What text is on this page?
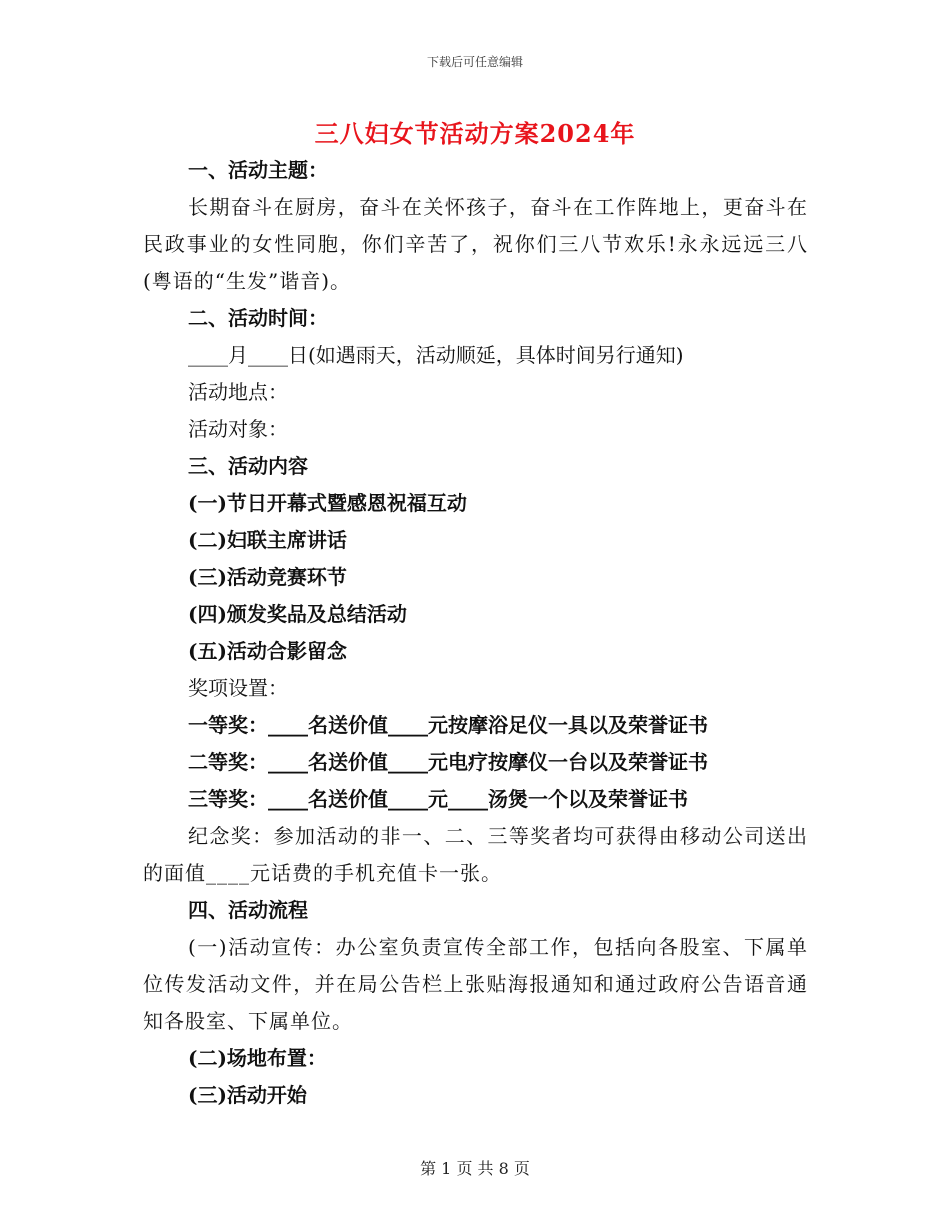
下载后可任意编辑
三八妇女节活动方案2024年

一、活动主题：

长期奋斗在厨房，奋斗在关怀孩子，奋斗在工作阵地上，更奋斗在民政事业的女性同胞，你们辛苦了，祝你们三八节欢乐!永永远远三八(粤语的“生发”谐音)。

二、活动时间：

____月____日(如遇雨天，活动顺延，具体时间另行通知)

活动地点：

活动对象：

三、活动内容

(一)节日开幕式暨感恩祝福互动

(二)妇联主席讲话

(三)活动竞赛环节

(四)颁发奖品及总结活动

(五)活动合影留念

奖项设置：

一等奖：____名送价值____元按摩浴足仪一具以及荣誉证书

二等奖：____名送价值____元电疗按摩仪一台以及荣誉证书

三等奖：____名送价值____元____汤煲一个以及荣誉证书

纪念奖：参加活动的非一、二、三等奖者均可获得由移动公司送出的面值____元话费的手机充值卡一张。

四、活动流程

(一)活动宣传：办公室负责宣传全部工作，包括向各股室、下属单位传发活动文件，并在局公告栏上张贴海报通知和通过政府公告语音通知各股室、下属单位。

(二)场地布置：

(三)活动开始

第 1 页 共 8 页
